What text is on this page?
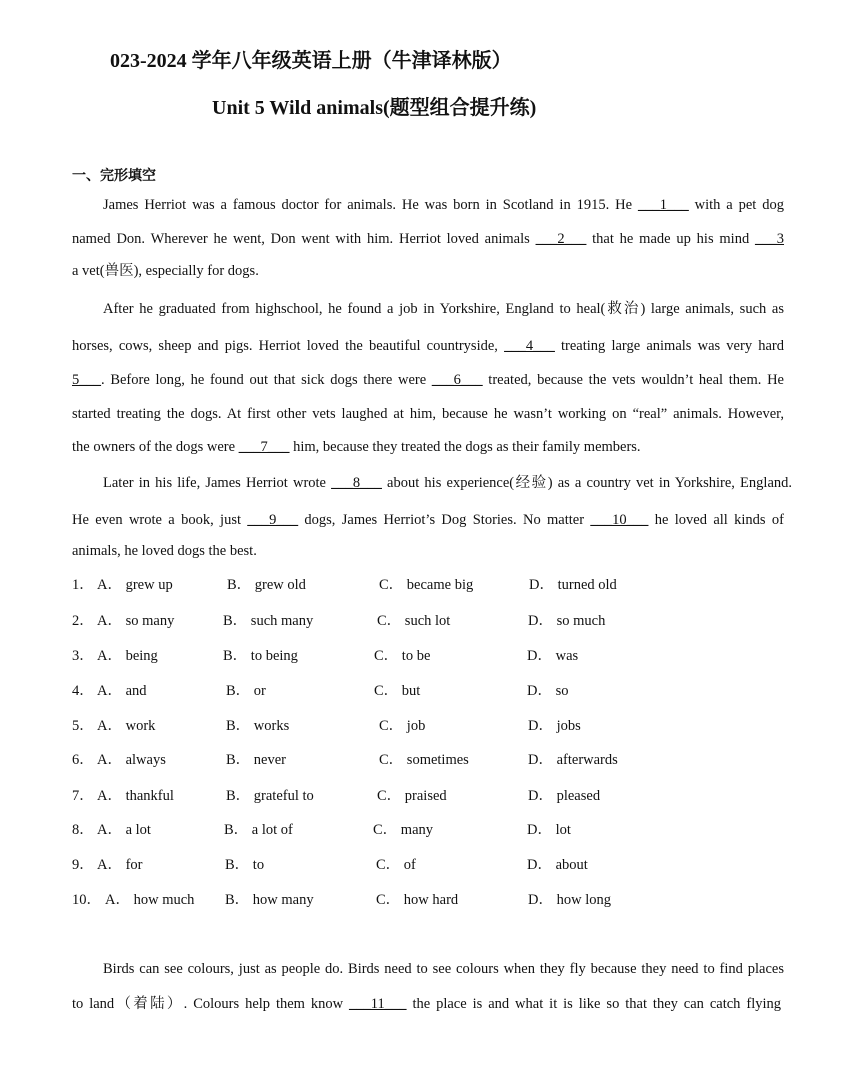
023-2024 学年八年级英语上册（牛津译林版）
Unit 5 Wild animals(题型组合提升练)
一、完形填空
James Herriot was a famous doctor for animals. He was born in Scotland in 1915. He ___1___ with a pet dog
named Don. Wherever he went, Don went with him. Herriot loved animals ___2___ that he made up his mind ___3
a vet(兽医), especially for dogs.
After he graduated from highschool, he found a job in Yorkshire, England to heal(救治) large animals, such as
horses, cows, sheep and pigs. Herriot loved the beautiful countryside, ___4___ treating large animals was very hard
5___. Before long, he found out that sick dogs there were ___6___ treated, because the vets wouldn’t heal them. He
started treating the dogs. At first other vets laughed at him, because he wasn’t working on “real” animals. However,
the owners of the dogs were ___7___ him, because they treated the dogs as their family members.
Later in his life, James Herriot wrote ___8___ about his experience(经验) as a country vet in Yorkshire, England.
He even wrote a book, just ___9___ dogs, James Herriot’s Dog Stories. No matter ___10___ he loved all kinds of
animals, he loved dogs the best.
1． A． grew up	B． grew old	C． became big	D． turned old
2． A． so many	B． such many	C． such lot	D． so much
3． A． being	B． to being	C． to be	D． was
4． A． and	B． or	C． but	D． so
5． A． work	B． works	C． job	D． jobs
6． A． always	B． never	C． sometimes	D． afterwards
7． A． thankful	B． grateful to	C． praised	D． pleased
8． A． a lot	B． a lot of	C． many	D． lot
9． A． for	B． to	C． of	D． about
10． A． how much B． how many	C． how hard	D． how long
Birds can see colours, just as people do. Birds need to see colours when they fly because they need to find places
to land（着陆）. Colours help them know ___11___ the place is and what it is like so that they can catch flying
